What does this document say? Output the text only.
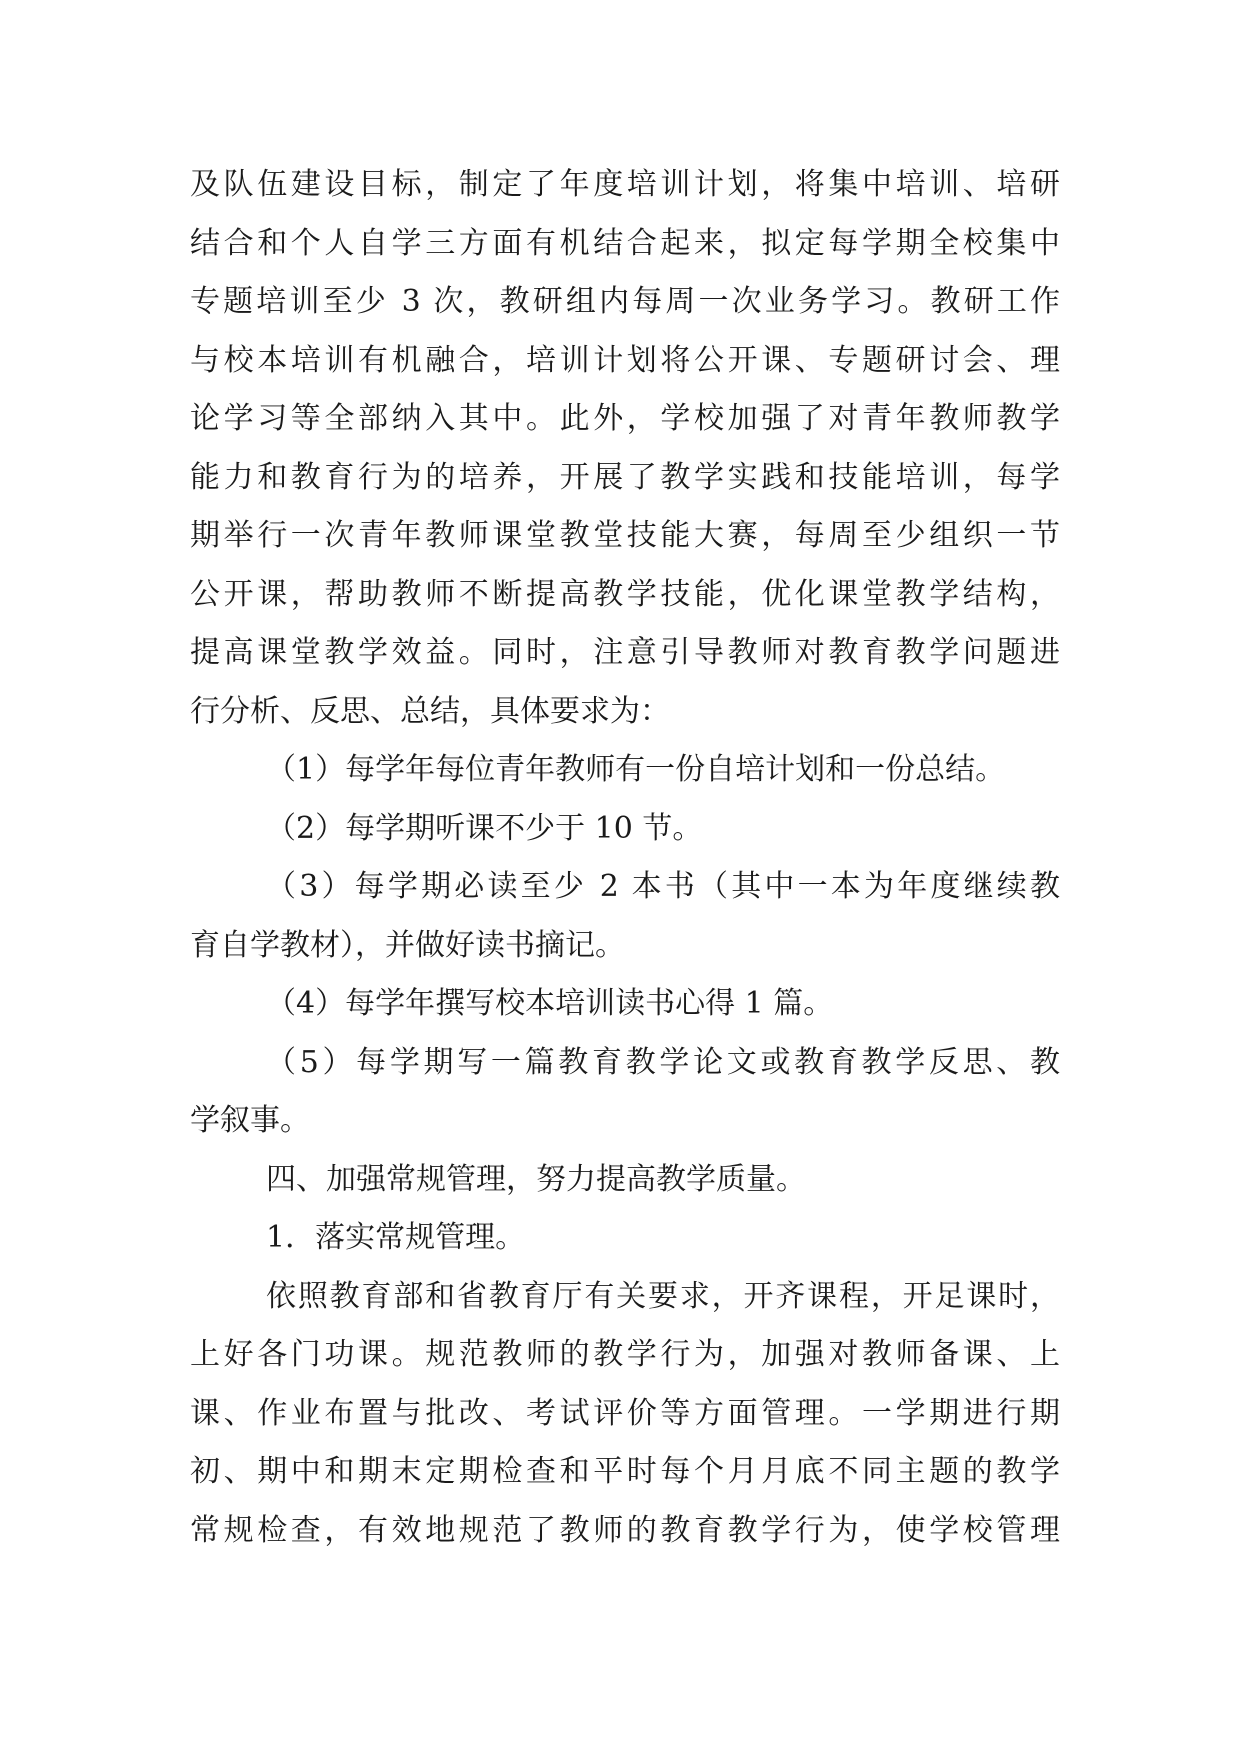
及队伍建设目标，制定了年度培训计划，将集中培训、培研
结合和个人自学三方面有机结合起来，拟定每学期全校集中
专题培训至少 3 次，教研组内每周一次业务学习。教研工作
与校本培训有机融合，培训计划将公开课、专题研讨会、理
论学习等全部纳入其中。此外，学校加强了对青年教师教学
能力和教育行为的培养，开展了教学实践和技能培训，每学
期举行一次青年教师课堂教堂技能大赛，每周至少组织一节
公开课，帮助教师不断提高教学技能，优化课堂教学结构，
提高课堂教学效益。同时，注意引导教师对教育教学问题进
行分析、反思、总结，具体要求为：
（1）每学年每位青年教师有一份自培计划和一份总结。
（2）每学期听课不少于 10 节。
（3）每学期必读至少 2 本书（其中一本为年度继续教
育自学教材），并做好读书摘记。
（4）每学年撰写校本培训读书心得 1 篇。
（5）每学期写一篇教育教学论文或教育教学反思、教
学叙事。
四、加强常规管理，努力提高教学质量。
1．落实常规管理。
依照教育部和省教育厅有关要求，开齐课程，开足课时，
上好各门功课。规范教师的教学行为，加强对教师备课、上
课、作业布置与批改、考试评价等方面管理。一学期进行期
初、期中和期末定期检查和平时每个月月底不同主题的教学
常规检查，有效地规范了教师的教育教学行为，使学校管理
